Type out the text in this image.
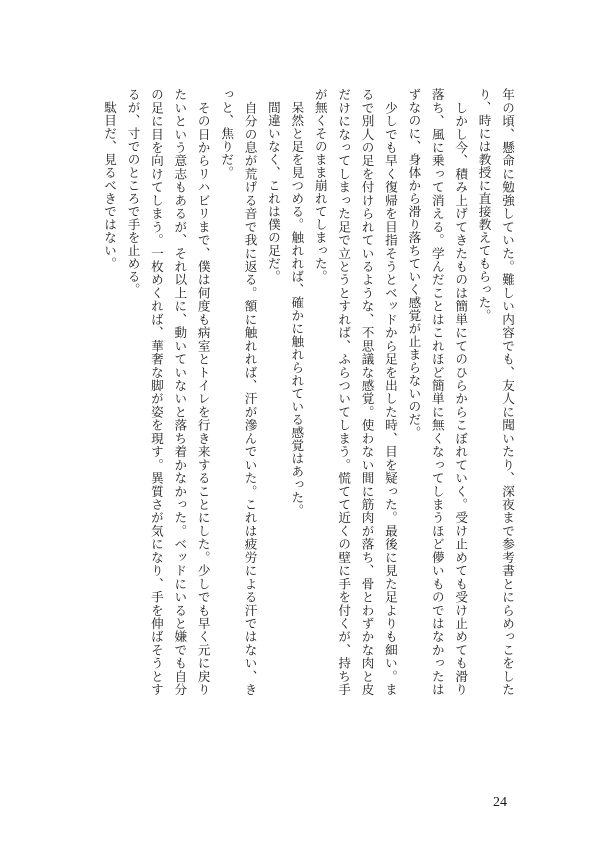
年の頃、懸命に勉強していた。難しい内容でも、友人に聞いたり、深夜まで参考書とにらめっこをしたり、時には教授に直接教えてもらった。

　しかし今、積み上げてきたものは簡単にてのひらからこぼれていく。受け止めても受け止めても滑り落ち、風に乗って消える。学んだことはこれほど簡単に無くなってしまうほど儚いものではなかったはずなのに、身体から滑り落ちていく感覚が止まらないのだ。

　少しでも早く復帰を目指そうとベッドから足を出した時、目を疑った。最後に見た足よりも細い。まるで別人の足を付けられているような、不思議な感覚。使わない間に筋肉が落ち、骨とわずかな肉と皮だけになってしまった足で立とうとすれば、ふらついてしまう。慌てて近くの壁に手を付くが、持ち手が無くそのまま崩れてしまった。

　呆然と足を見つめる。触れれば、確かに触れられている感覚はあった。

　間違いなく、これは僕の足だ。

　自分の息が荒げる音で我に返る。額に触れれば、汗が滲んでいた。これは疲労による汗ではない、きっと、焦りだ。

　その日からリハビリまで、僕は何度も病室とトイレを行き来することにした。少しでも早く元に戻りたいという意志もあるが、それ以上に、動いていないと落ち着かなかった。ベッドにいると嫌でも自分の足に目を向けてしまう。一枚めくれば、華奢な脚が姿を現す。異質さが気になり、手を伸ばそうとするが、寸でのところで手を止める。

　駄目だ、見るべきではない。

24
